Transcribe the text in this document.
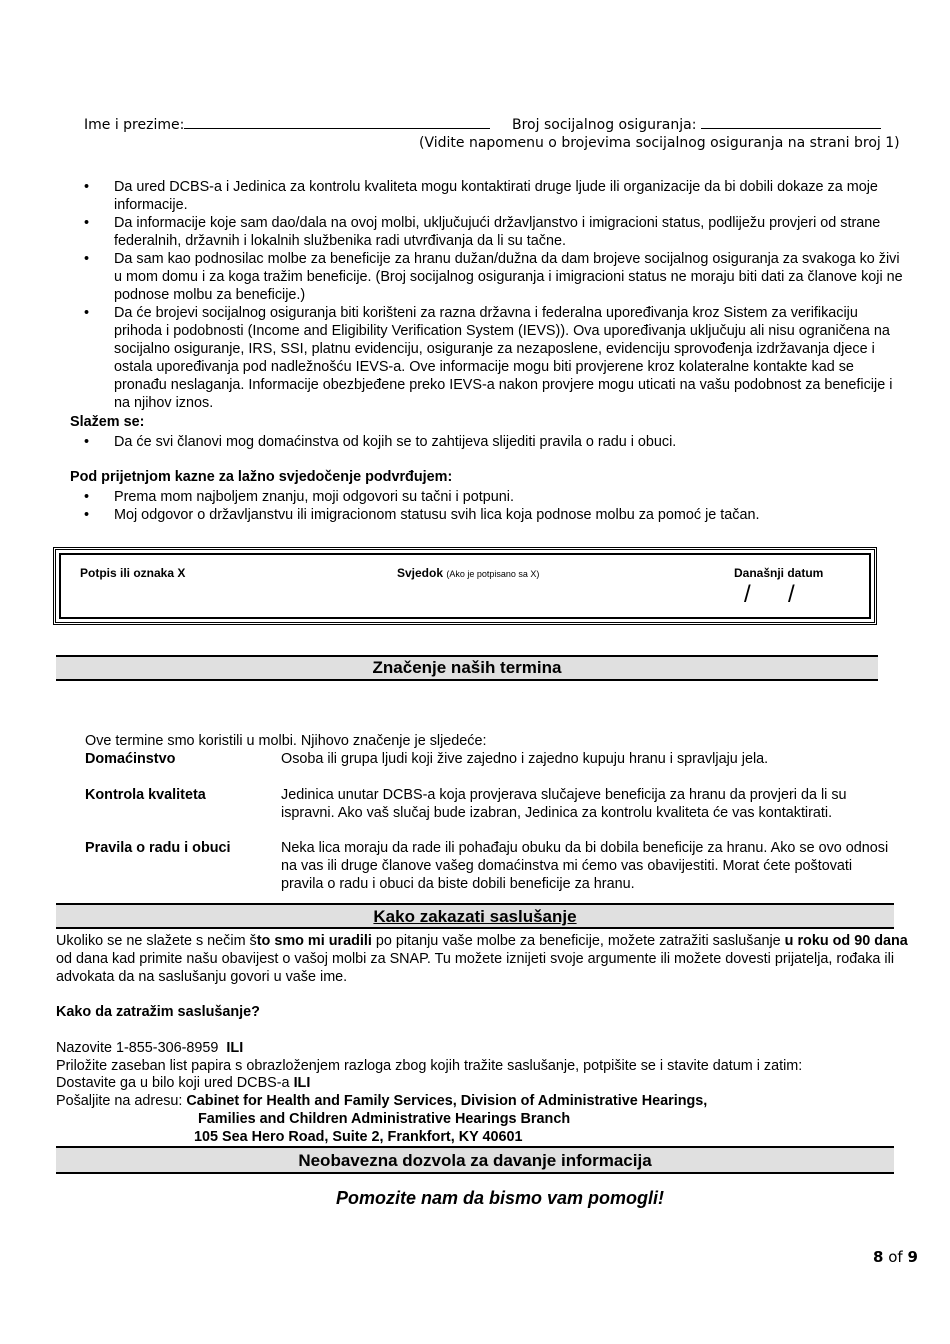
Ime i prezime:	Broj socijalnog osiguranja:
(Vidite napomenu o brojevima socijalnog osiguranja na strani broj 1)
• Da ured DCBS-a i Jedinica za kontrolu kvaliteta mogu kontaktirati druge ljude ili organizacije da bi dobili dokaze za moje informacije.
• Da informacije koje sam dao/dala na ovoj molbi, uključujući državljanstvo i imigracioni status, podliježu provjeri od strane federalnih, državnih i lokalnih službenika radi utvrđivanja da li su tačne.
• Da sam kao podnosilac molbe za beneficije za hranu dužan/dužna da dam brojeve socijalnog osiguranja za svakoga ko živi u mom domu i za koga tražim beneficije. (Broj socijalnog osiguranja i imigracioni status ne moraju biti dati za članove koji ne podnose molbu za beneficije.)
• Da će brojevi socijalnog osiguranja biti korišteni za razna državna i federalna upoređivanja kroz Sistem za verifikaciju prihoda i podobnosti (Income and Eligibility Verification System (IEVS)). Ova upoređivanja uključuju ali nisu ograničena na socijalno osiguranje, IRS, SSI, platnu evidenciju, osiguranje za nezaposlene, evidenciju sprovođenja izdržavanja djece i ostala upoređivanja pod nadležnošću IEVS-a. Ove informacije mogu biti provjerene kroz kolateralne kontakte kad se pronađu neslaganja. Informacije obezbjeđene preko IEVS-a nakon provjere mogu uticati na vašu podobnost za beneficije i na njihov iznos.
Slažem se:
• Da će svi članovi mog domaćinstva od kojih se to zahtijeva slijediti pravila o radu i obuci.
Pod prijetnjom kazne za lažno svjedočenje podvrđujem:
• Prema mom najboljem znanju, moji odgovori su tačni i potpuni.
• Moj odgovor o državljanstvu ili imigracionom statusu svih lica koja podnose molbu za pomoć je tačan.
Potpis ili oznaka X	Svjedok (Ako je potpisano sa X)	Današnji datum
/ /
Značenje naših termina
Ove termine smo koristili u molbi. Njihovo značenje je sljedeće:
Domaćinstvo	Osoba ili grupa ljudi koji žive zajedno i zajedno kupuju hranu i spravljaju jela.
Kontrola kvaliteta	Jedinica unutar DCBS-a koja provjerava slučajeve beneficija za hranu da provjeri da li su ispravni. Ako vaš slučaj bude izabran, Jedinica za kontrolu kvaliteta će vas kontaktirati.
Pravila o radu i obuci	Neka lica moraju da rade ili pohađaju obuku da bi dobila beneficije za hranu. Ako se ovo odnosi na vas ili druge članove vašeg domaćinstva mi ćemo vas obavijestiti. Morat ćete poštovati pravila o radu i obuci da biste dobili beneficije za hranu.
Kako zakazati saslušanje
Ukoliko se ne slažete s nečim što smo mi uradili po pitanju vaše molbe za beneficije, možete zatražiti saslušanje u roku od 90 dana od dana kad primite našu obavijest o vašoj molbi za SNAP. Tu možete iznijeti svoje argumente ili možete dovesti prijatelja, rođaka ili advokata da na saslušanju govori u vaše ime.
Kako da zatražim saslušanje?
Nazovite 1-855-306-8959 ILI
Priložite zaseban list papira s obrazloženjem razloga zbog kojih tražite saslušanje, potpišite se i stavite datum i zatim:
Dostavite ga u bilo koji ured DCBS-a ILI
Pošaljite na adresu: Cabinet for Health and Family Services, Division of Administrative Hearings,
Families and Children Administrative Hearings Branch
105 Sea Hero Road, Suite 2, Frankfort, KY 40601
Neobavezna dozvola za davanje informacija
Pomozite nam da bismo vam pomogli!
8 of 9
